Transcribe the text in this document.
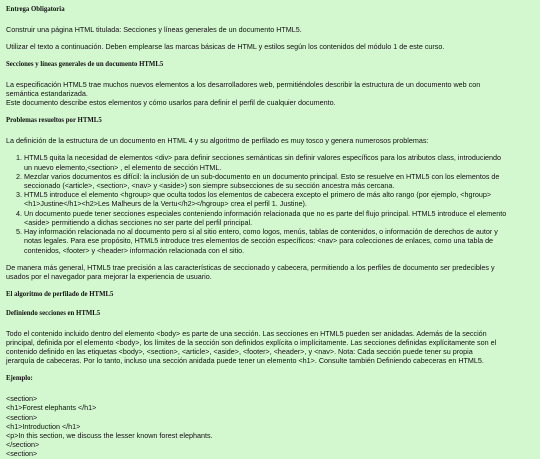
Entrega Obligatoria

Construir una página HTML titulada: Secciones y líneas generales de un documento HTML5.

Utilizar el texto a continuación. Deben emplearse las marcas básicas de HTML y estilos según los contenidos del módulo 1 de este curso.

Secciones y líneas generales de un documento HTML5

La especificación HTML5 trae muchos nuevos elementos a los desarrolladores web, permitiéndoles describir la estructura de un documento web con

semántica estandarizada.

Este documento describe estos elementos y cómo usarlos para definir el perfil de cualquier documento.

Problemas resueltos por HTML5

La definición de la estructura de un documento en HTML 4 y su algoritmo de perfilado es muy tosco y genera numerosos problemas:

1. HTML5 quita la necesidad de elementos <div> para definir secciones semánticas sin definir valores específicos para los atributos class, introduciendo
un nuevo elemento,<section> , el elemento de sección HTML.
2. Mezclar varios documentos es difícil: la inclusión de un sub-documento en un documento principal. Esto se resuelve en HTML5 con los elementos de
seccionado (<article>, <section>, <nav> y <aside>) son siempre subsecciones de su sección ancestra más cercana.
3. HTML5 introduce el elemento <hgroup> que oculta todos los elementos de cabecera excepto el primero de más alto rango (por ejemplo, <hgroup>
<h1>Justine</h1><h2>Les Malheurs de la Vertu</h2></hgroup> crea el perfil 1. Justine).
4. Un documento puede tener secciones especiales conteniendo información relacionada que no es parte del flujo principal. HTML5 introduce el elemento
<aside> permitiendo a dichas secciones no ser parte del perfil principal.
5. Hay información relacionada no al documento pero sí al sitio entero, como logos, menús, tablas de contenidos, o información de derechos de autor y
notas legales. Para ese propósito, HTML5 introduce tres elementos de sección específicos: <nav> para colecciones de enlaces, como una tabla de
contenidos, <footer> y <header> información relacionada con el sitio.

De manera más general, HTML5 trae precisión a las características de seccionado y cabecera, permitiendo a los perfiles de documento ser predecibles y

usados por el navegador para mejorar la experiencia de usuario.

El algoritmo de perfilado de HTML5
Definiendo secciones en HTML5

Todo el contenido incluido dentro del elemento <body> es parte de una sección. Las secciones en HTML5 pueden ser anidadas. Además de la sección

principal, definida por el elemento <body>, los límites de la sección son definidos explícita o implícitamente. Las secciones definidas explícitamente son el

contenido definido en las etiquetas <body>, <section>, <article>, <aside>, <footer>, <header>, y <nav>. Nota: Cada sección puede tener su propia

jerarquía de cabeceras. Por lo tanto, incluso una sección anidada puede tener un elemento <h1>. Consulte también Definiendo cabeceras en HTML5.

Ejemplo:
<section>
<h1>Forest elephants </h1>
<section>
<h1>Introduction </h1>
<p>In this section, we discuss the lesser known forest elephants.
</section>
<section>
